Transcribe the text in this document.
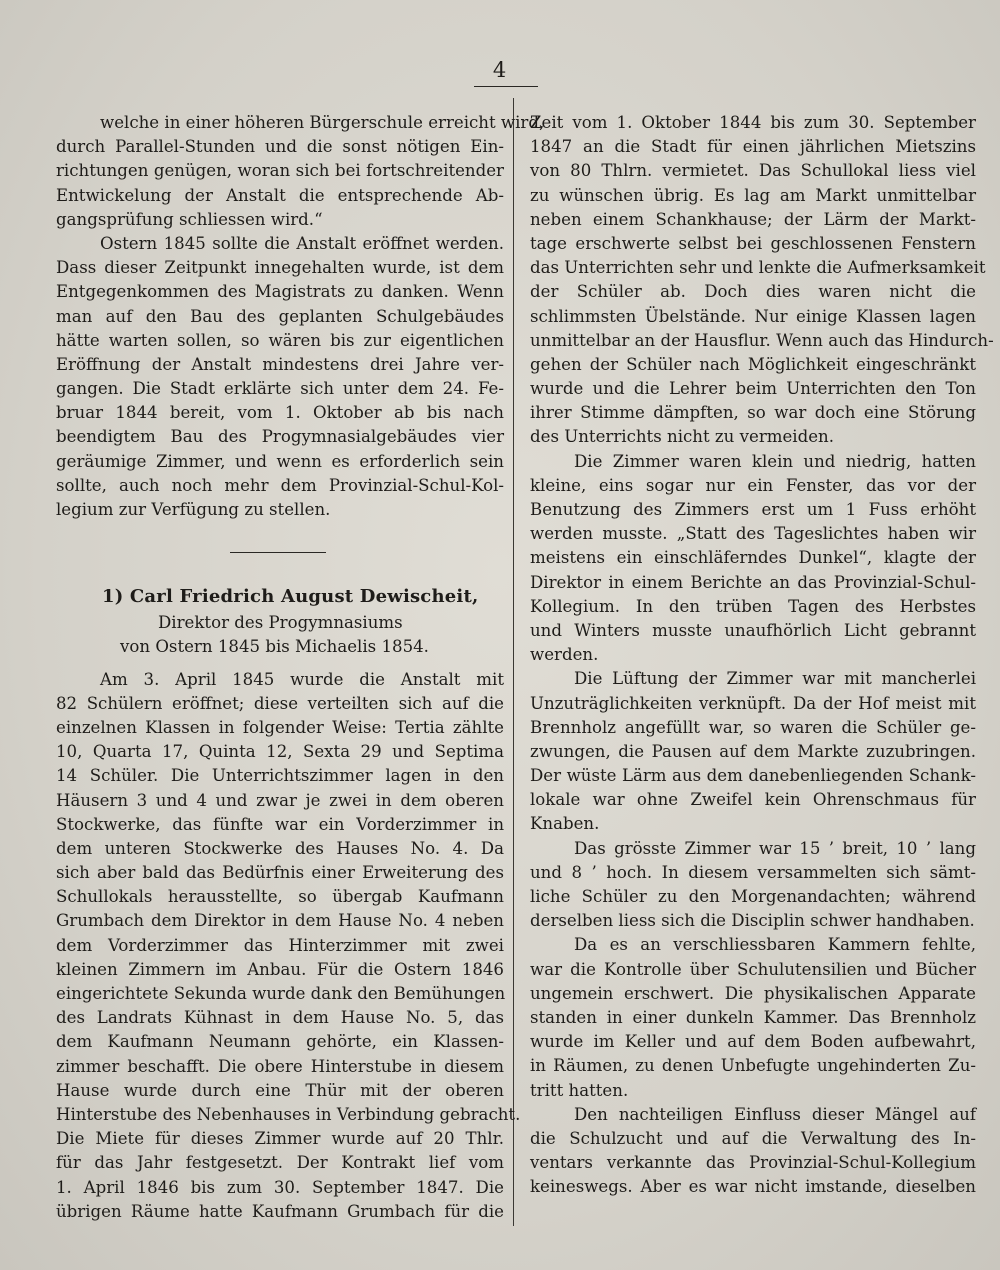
4
welche in einer höheren Bürgerschule erreicht wird,
durch Parallel-Stunden und die sonst nötigen Ein-
richtungen genügen, woran sich bei fortschreitender
Entwickelung der Anstalt die entsprechende Ab-
gangsprüfung schliessen wird.“
Ostern 1845 sollte die Anstalt eröffnet werden.
Dass dieser Zeitpunkt innegehalten wurde, ist dem
Entgegenkommen des Magistrats zu danken. Wenn
man auf den Bau des geplanten Schulgebäudes
hätte warten sollen, so wären bis zur eigentlichen
Eröffnung der Anstalt mindestens drei Jahre ver-
gangen. Die Stadt erklärte sich unter dem 24. Fe-
bruar 1844 bereit, vom 1. Oktober ab bis nach
beendigtem Bau des Progymnasialgebäudes vier
geräumige Zimmer, und wenn es erforderlich sein
sollte, auch noch mehr dem Provinzial-Schul-Kol-
legium zur Verfügung zu stellen.
1) Carl Friedrich August Dewischeit,
Direktor des Progymnasiums
von Ostern 1845 bis Michaelis 1854.
Am 3. April 1845 wurde die Anstalt mit
82 Schülern eröffnet; diese verteilten sich auf die
einzelnen Klassen in folgender Weise: Tertia zählte
10, Quarta 17, Quinta 12, Sexta 29 und Septima
14 Schüler. Die Unterrichtszimmer lagen in den
Häusern 3 und 4 und zwar je zwei in dem oberen
Stockwerke, das fünfte war ein Vorderzimmer in
dem unteren Stockwerke des Hauses No. 4. Da
sich aber bald das Bedürfnis einer Erweiterung des
Schullokals herausstellte, so übergab Kaufmann
Grumbach dem Direktor in dem Hause No. 4 neben
dem Vorderzimmer das Hinterzimmer mit zwei
kleinen Zimmern im Anbau. Für die Ostern 1846
eingerichtete Sekunda wurde dank den Bemühungen
des Landrats Kühnast in dem Hause No. 5, das
dem Kaufmann Neumann gehörte, ein Klassen-
zimmer beschafft. Die obere Hinterstube in diesem
Hause wurde durch eine Thür mit der oberen
Hinterstube des Nebenhauses in Verbindung gebracht.
Die Miete für dieses Zimmer wurde auf 20 Thlr.
für das Jahr festgesetzt. Der Kontrakt lief vom
1. April 1846 bis zum 30. September 1847. Die
übrigen Räume hatte Kaufmann Grumbach für die
Zeit vom 1. Oktober 1844 bis zum 30. September
1847 an die Stadt für einen jährlichen Mietszins
von 80 Thlrn. vermietet. Das Schullokal liess viel
zu wünschen übrig. Es lag am Markt unmittelbar
neben einem Schankhause; der Lärm der Markt-
tage erschwerte selbst bei geschlossenen Fenstern
das Unterrichten sehr und lenkte die Aufmerksamkeit
der Schüler ab. Doch dies waren nicht die
schlimmsten Übelstände. Nur einige Klassen lagen
unmittelbar an der Hausflur. Wenn auch das Hindurch-
gehen der Schüler nach Möglichkeit eingeschränkt
wurde und die Lehrer beim Unterrichten den Ton
ihrer Stimme dämpften, so war doch eine Störung
des Unterrichts nicht zu vermeiden.
Die Zimmer waren klein und niedrig, hatten
kleine, eins sogar nur ein Fenster, das vor der
Benutzung des Zimmers erst um 1 Fuss erhöht
werden musste. „Statt des Tageslichtes haben wir
meistens ein einschläferndes Dunkel“, klagte der
Direktor in einem Berichte an das Provinzial-Schul-
Kollegium. In den trüben Tagen des Herbstes
und Winters musste unaufhörlich Licht gebrannt
werden.
Die Lüftung der Zimmer war mit mancherlei
Unzuträglichkeiten verknüpft. Da der Hof meist mit
Brennholz angefüllt war, so waren die Schüler ge-
zwungen, die Pausen auf dem Markte zuzubringen.
Der wüste Lärm aus dem danebenliegenden Schank-
lokale war ohne Zweifel kein Ohrenschmaus für
Knaben.
Das grösste Zimmer war 15 ’ breit, 10 ’ lang
und 8 ’ hoch. In diesem versammelten sich sämt-
liche Schüler zu den Morgenandachten; während
derselben liess sich die Disciplin schwer handhaben.
Da es an verschliessbaren Kammern fehlte,
war die Kontrolle über Schulutensilien und Bücher
ungemein erschwert. Die physikalischen Apparate
standen in einer dunkeln Kammer. Das Brennholz
wurde im Keller und auf dem Boden aufbewahrt,
in Räumen, zu denen Unbefugte ungehinderten Zu-
tritt hatten.
Den nachteiligen Einfluss dieser Mängel auf
die Schulzucht und auf die Verwaltung des In-
ventars verkannte das Provinzial-Schul-Kollegium
keineswegs. Aber es war nicht imstande, dieselben
